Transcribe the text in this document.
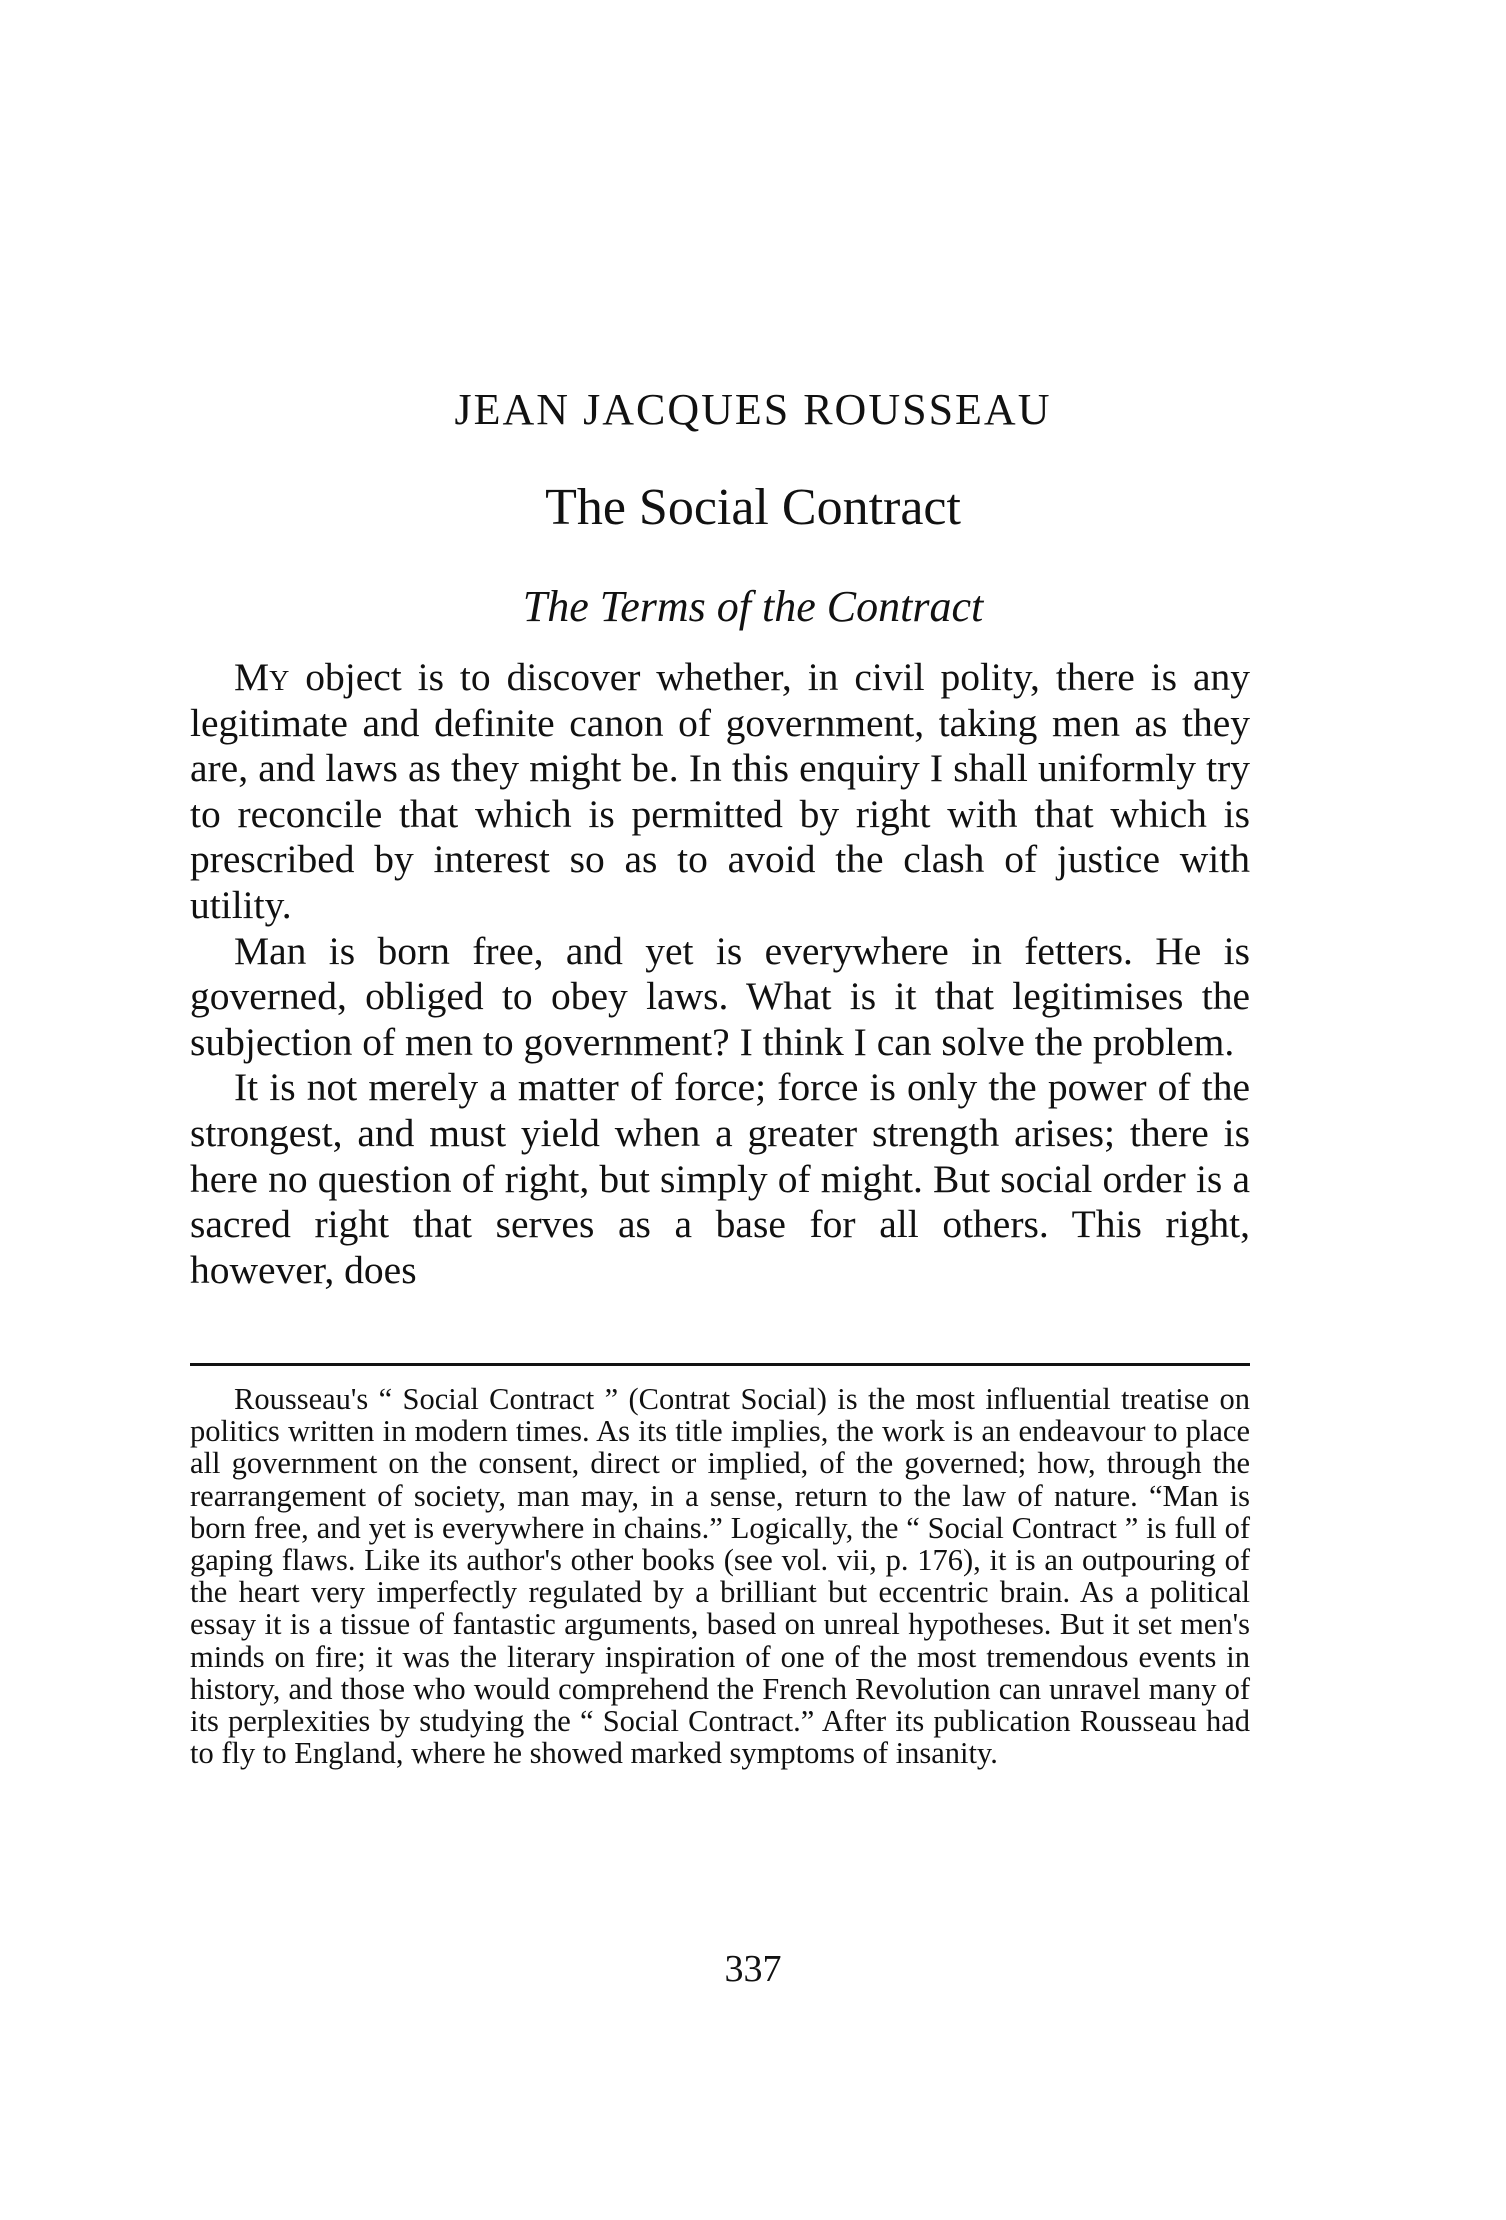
JEAN JACQUES ROUSSEAU
The Social Contract
The Terms of the Contract

My object is to discover whether, in civil polity, there is any legitimate and definite canon of government, taking men as they are, and laws as they might be. In this enquiry I shall uniformly try to reconcile that which is permitted by right with that which is prescribed by interest so as to avoid the clash of justice with utility.

Man is born free, and yet is everywhere in fetters. He is governed, obliged to obey laws. What is it that legitimises the subjection of men to government? I think I can solve the problem.

It is not merely a matter of force; force is only the power of the strongest, and must yield when a greater strength arises; there is here no question of right, but simply of might. But social order is a sacred right that serves as a base for all others. This right, however, does

Rousseau's “ Social Contract ” (Contrat Social) is the most influential treatise on politics written in modern times. As its title implies, the work is an endeavour to place all government on the consent, direct or implied, of the governed; how, through the rearrangement of society, man may, in a sense, return to the law of nature. “Man is born free, and yet is everywhere in chains.” Logically, the “ Social Contract ” is full of gaping flaws. Like its author's other books (see vol. vii, p. 176), it is an outpouring of the heart very imperfectly regulated by a brilliant but eccentric brain. As a political essay it is a tissue of fantastic arguments, based on unreal hypotheses. But it set men's minds on fire; it was the literary inspiration of one of the most tremendous events in history, and those who would comprehend the French Revolution can unravel many of its perplexities by studying the “ Social Contract.” After its publication Rousseau had to fly to England, where he showed marked symptoms of insanity.

337
